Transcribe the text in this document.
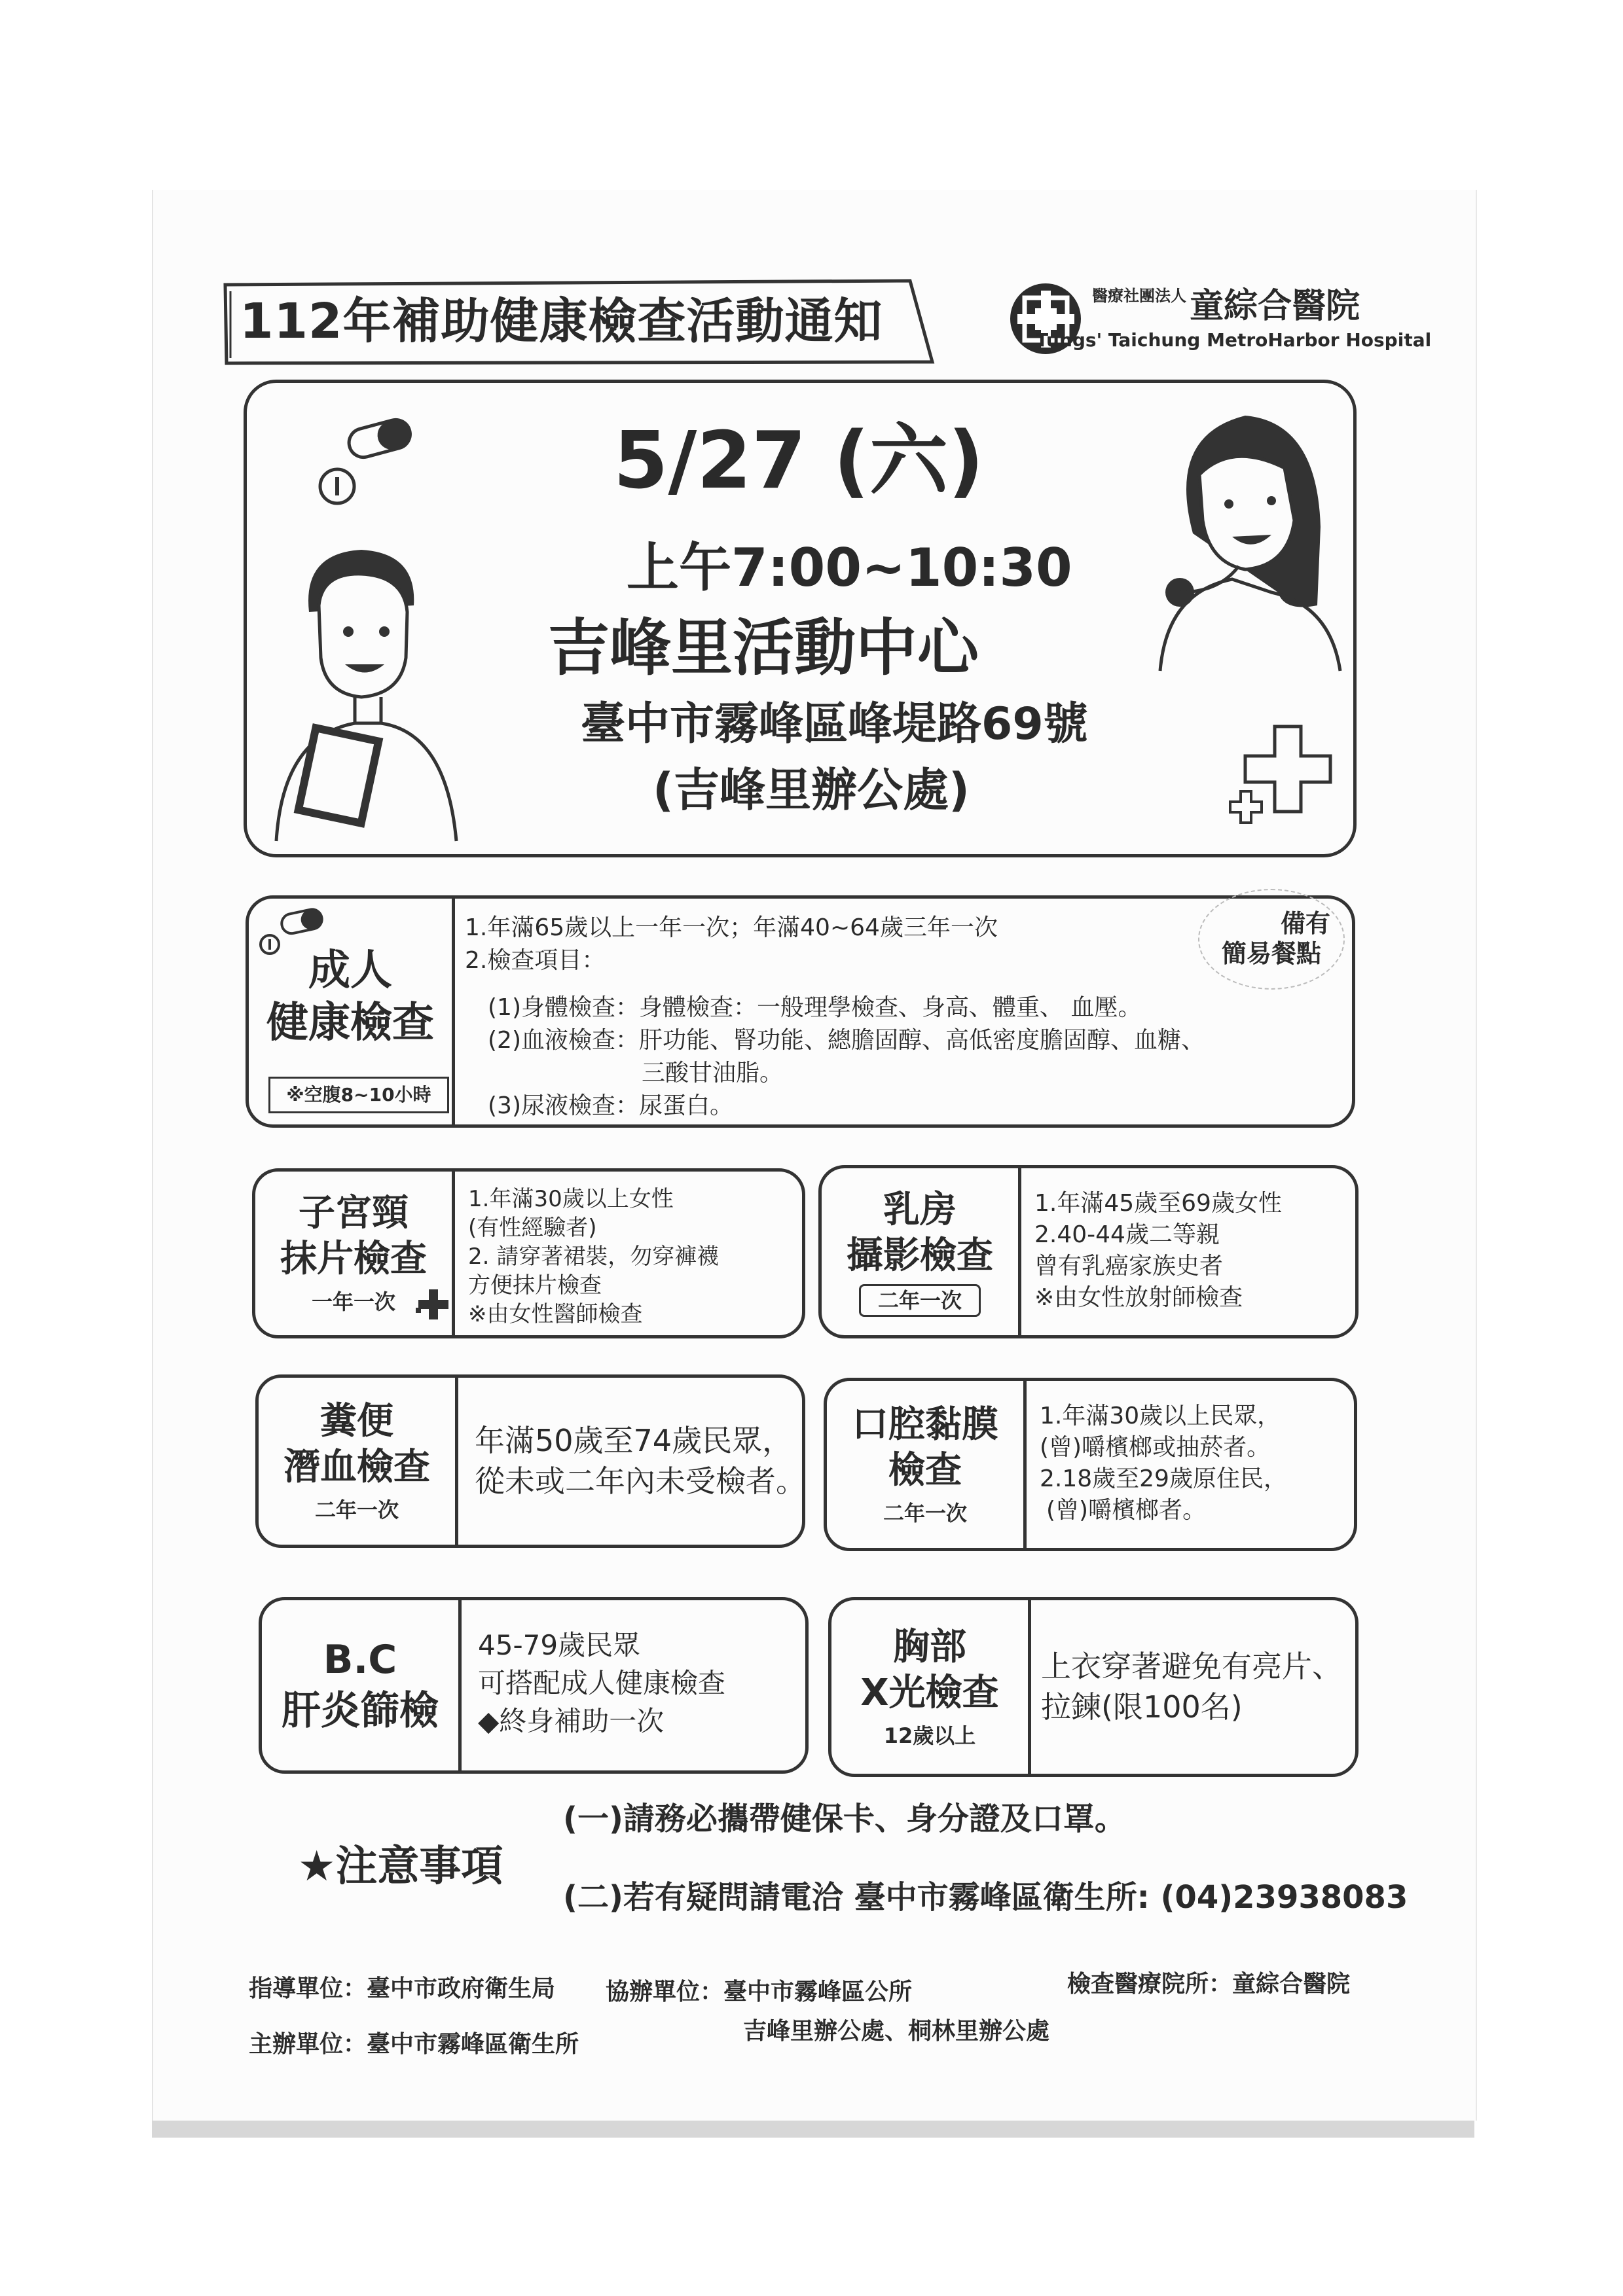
112年補助健康檢查活動通知	醫療社團法人 童綜合醫院
Tungs' Taichung MetroHarbor Hospital
5/27 (六)
上午7:00~10:30
吉峰里活動中心
臺中市霧峰區峰堤路69號
(吉峰里辦公處)
成人
健康檢查
※空腹8~10小時
1.年滿65歲以上一年一次；年滿40~64歲三年一次
2.檢查項目：
(1)身體檢查：身體檢查：一般理學檢查、身高、體重、 血壓。
(2)血液檢查：肝功能、腎功能、總膽固醇、高低密度膽固醇、血糖、
三酸甘油脂。
(3)尿液檢查：尿蛋白。
備有
簡易餐點
子宮頸
抹片檢查
一年一次
1.年滿30歲以上女性
(有性經驗者)
2. 請穿著裙裝，勿穿褲襪
方便抹片檢查
※由女性醫師檢查
乳房
攝影檢查
二年一次
1.年滿45歲至69歲女性
2.40-44歲二等親
曾有乳癌家族史者
※由女性放射師檢查
糞便
潛血檢查
二年一次
年滿50歲至74歲民眾，
從未或二年內未受檢者。
口腔黏膜
檢查
二年一次
1.年滿30歲以上民眾，
(曾)嚼檳榔或抽菸者。
2.18歲至29歲原住民，
(曾)嚼檳榔者。
B.C
肝炎篩檢
45-79歲民眾
可搭配成人健康檢查
◆終身補助一次
胸部
X光檢查
12歲以上
上衣穿著避免有亮片、
拉鍊(限100名)
★注意事項
(一)請務必攜帶健保卡、身分證及口罩。
(二)若有疑問請電洽 臺中市霧峰區衛生所: (04)23938083
指導單位：臺中市政府衛生局 協辦單位：臺中市霧峰區公所
吉峰里辦公處、桐林里辦公處
檢查醫療院所：童綜合醫院
主辦單位：臺中市霧峰區衛生所
